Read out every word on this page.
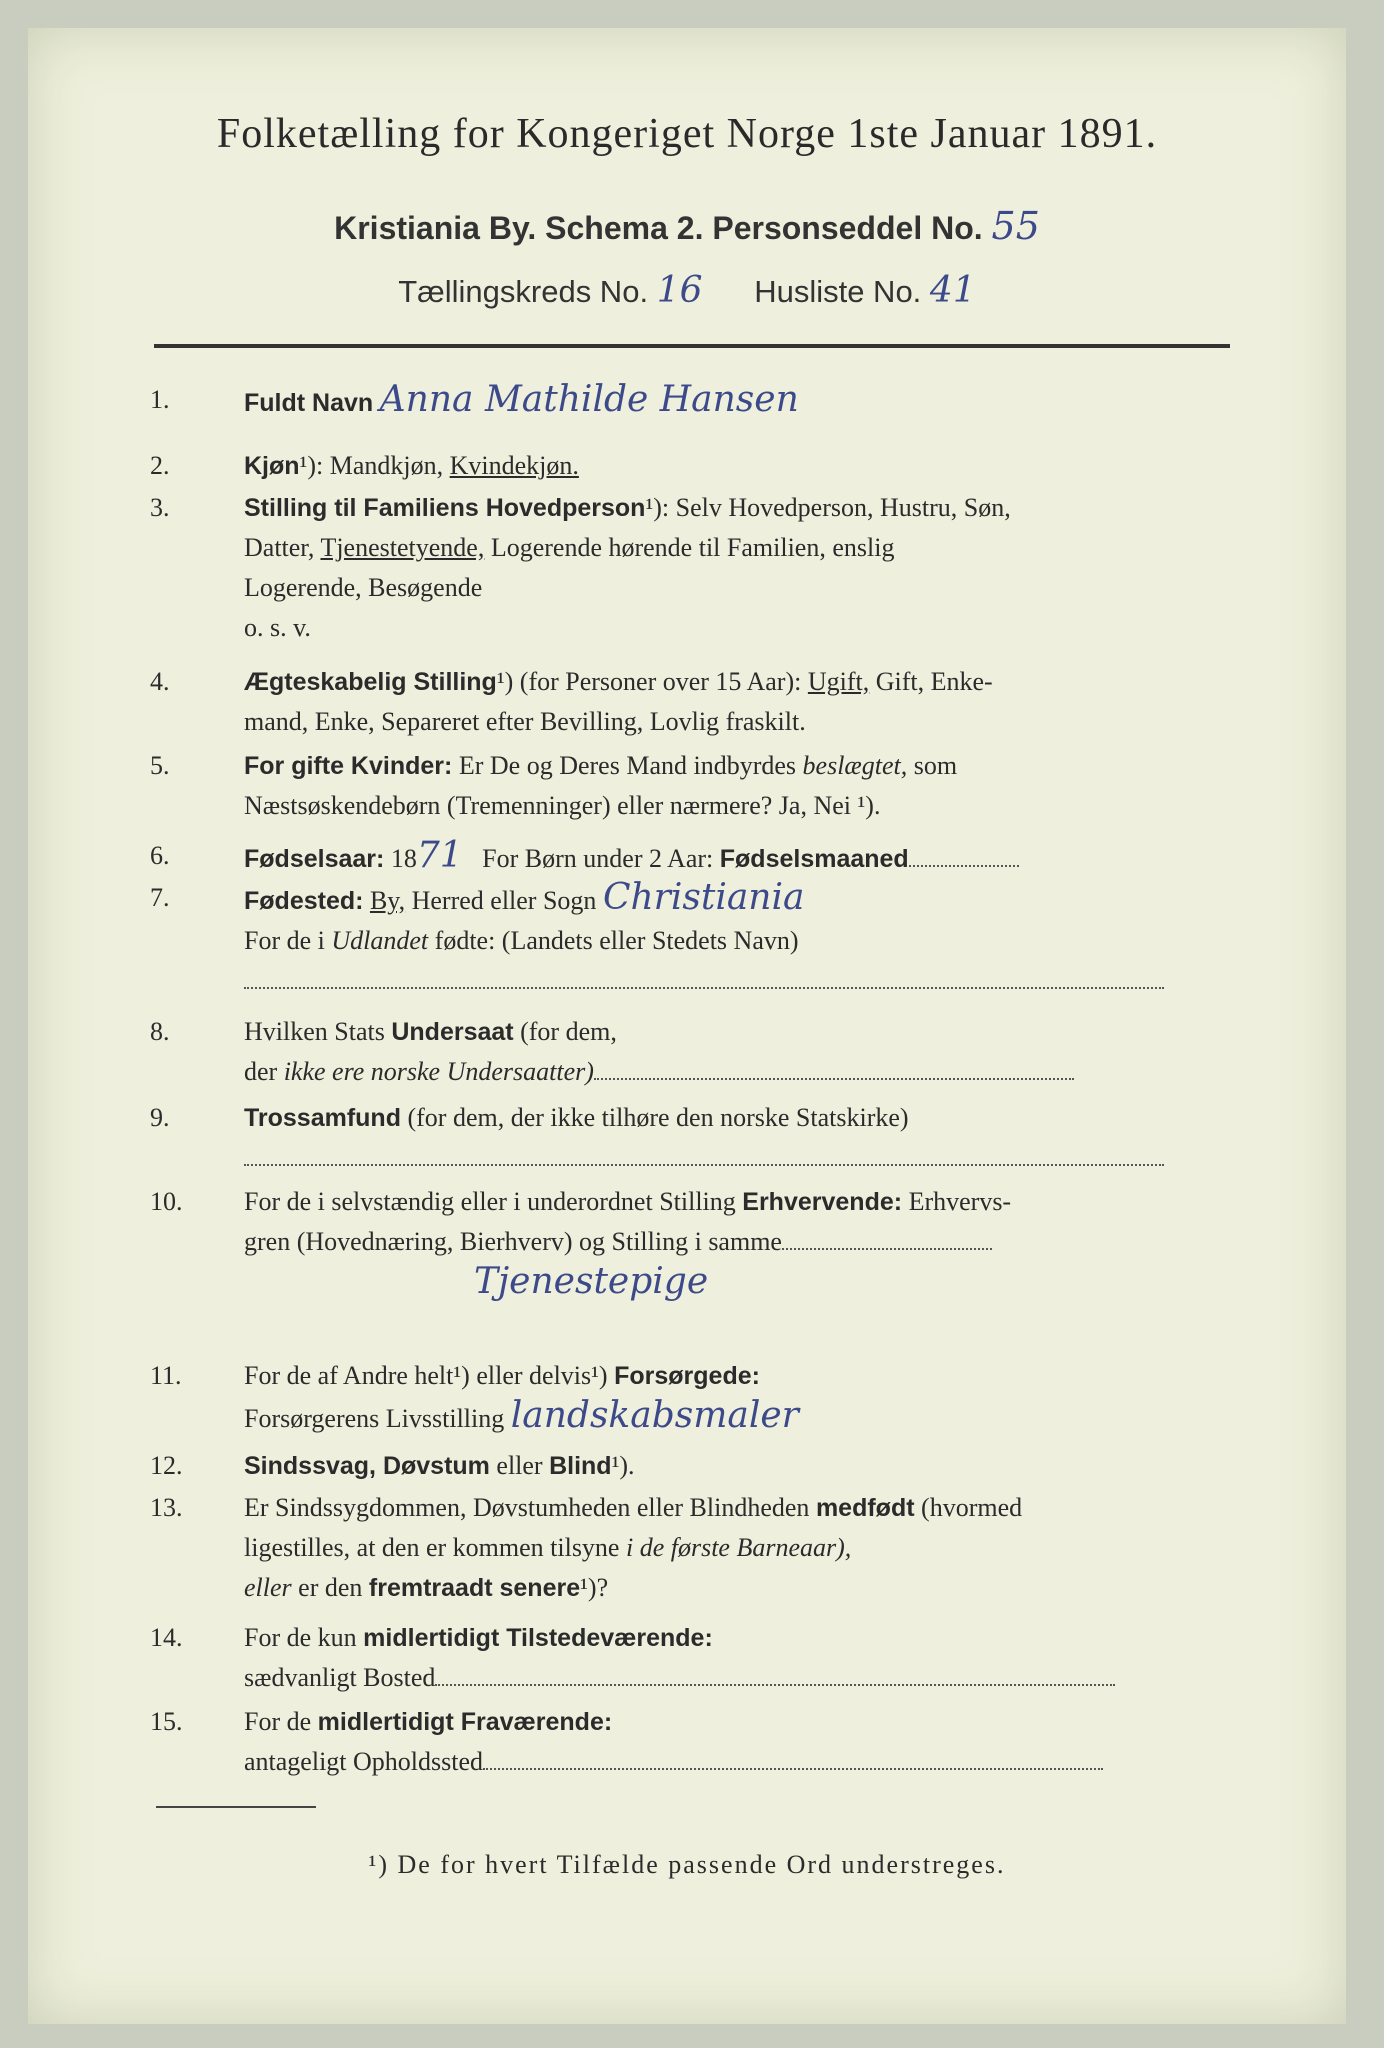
Folketælling for Kongeriget Norge 1ste Januar 1891.
Kristiania By. Schema 2. Personseddel No. 55
Tællingskreds No. 16 Husliste No. 41
1.	Fuldt Navn Anna Mathilde Hansen
2.	Kjøn¹): Mandkjøn, Kvindekjøn.
3.	Stilling til Familiens Hovedperson¹): Selv Hovedperson, Hustru, Søn,
Datter, Tjenestetyende, Logerende hørende til Familien, enslig
Logerende, Besøgende
o. s. v.
4.	Ægteskabelig Stilling¹) (for Personer over 15 Aar): Ugift, Gift, Enke-
mand, Enke, Separeret efter Bevilling, Lovlig fraskilt.
5.	For gifte Kvinder: Er De og Deres Mand indbyrdes beslægtet, som
Næstsøskendebørn (Tremenninger) eller nærmere? Ja, Nei ¹).
6.	Fødselsaar: 1871 For Børn under 2 Aar: Fødselsmaaned
7.	Fødested: By, Herred eller Sogn Christiania
For de i Udlandet fødte: (Landets eller Stedets Navn)

8.	Hvilken Stats Undersaat (for dem,
der ikke ere norske Undersaatter)
9.	Trossamfund (for dem, der ikke tilhøre den norske Statskirke)

10.	For de i selvstændig eller i underordnet Stilling Erhvervende: Erhvervs-
gren (Hovednæring, Bierhverv) og Stilling i samme
Tjenestepige
11.	For de af Andre helt¹) eller delvis¹) Forsørgede:
Forsørgerens Livsstilling landskabsmaler
12.	Sindssvag, Døvstum eller Blind¹).
13.	Er Sindssygdommen, Døvstumheden eller Blindheden medfødt (hvormed
ligestilles, at den er kommen tilsyne i de første Barneaar),
eller er den fremtraadt senere¹)?
14.	For de kun midlertidigt Tilstedeværende:
sædvanligt Bosted
15.	For de midlertidigt Fraværende:
antageligt Opholdssted
¹) De for hvert Tilfælde passende Ord understreges.
